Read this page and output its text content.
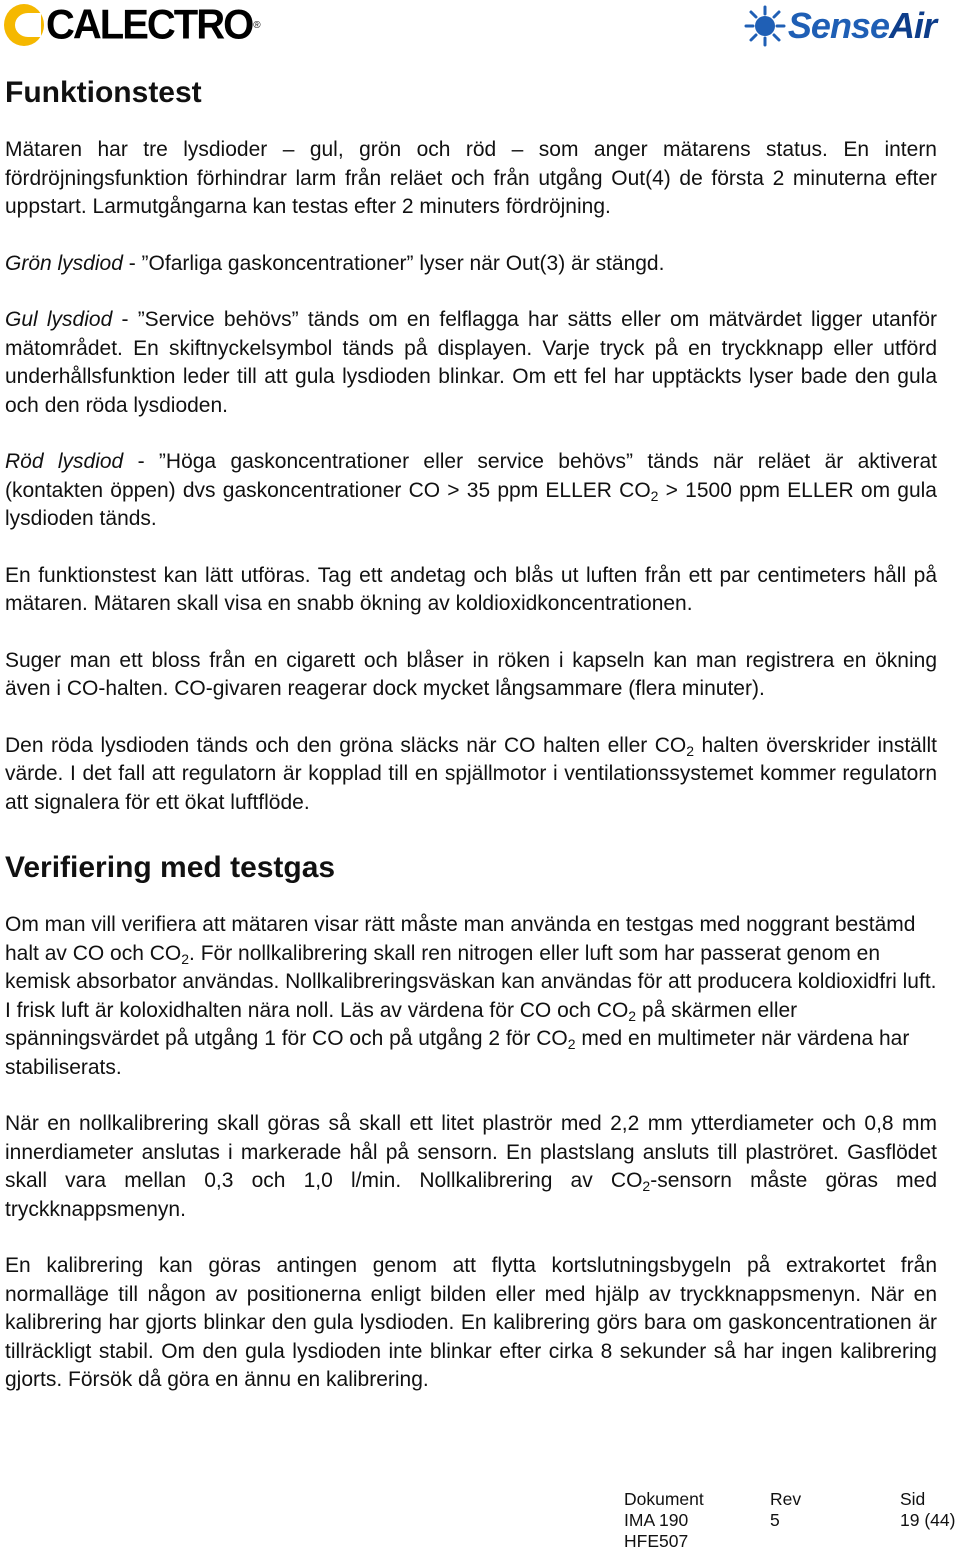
CALECTRO ®	SenseAir
Funktionstest

Mätaren har tre lysdioder – gul, grön och röd – som anger mätarens status. En intern fördröjningsfunktion förhindrar larm från reläet och från utgång Out(4) de första 2 minuterna efter uppstart. Larmutgångarna kan testas efter 2 minuters fördröjning.

Grön lysdiod - ”Ofarliga gaskoncentrationer” lyser när Out(3) är stängd.

Gul lysdiod - ”Service behövs” tänds om en felflagga har sätts eller om mätvärdet ligger utanför mätområdet. En skiftnyckelsymbol tänds på displayen. Varje tryck på en tryckknapp eller utförd underhållsfunktion leder till att gula lysdioden blinkar. Om ett fel har upptäckts lyser bade den gula och den röda lysdioden.

Röd lysdiod - ”Höga gaskoncentrationer eller service behövs” tänds när reläet är aktiverat (kontakten öppen) dvs gaskoncentrationer CO > 35 ppm ELLER $CO_2 > 1500$ ppm ELLER om gula lysdioden tänds.

En funktionstest kan lätt utföras. Tag ett andetag och blås ut luften från ett par centimeters håll på mätaren. Mätaren skall visa en snabb ökning av koldioxidkoncentrationen.

Suger man ett bloss från en cigarett och blåser in röken i kapseln kan man registrera en ökning även i CO-halten. CO-givaren reagerar dock mycket långsammare (flera minuter).

Den röda lysdioden tänds och den gröna släcks när CO halten eller $CO_2$ halten överskrider inställt värde. I det fall att regulatorn är kopplad till en spjällmotor i ventilationssystemet kommer regulatorn att signalera för ett ökat luftflöde.

Verifiering med testgas

Om man vill verifiera att mätaren visar rätt måste man använda en testgas med noggrant bestämd halt av CO och $CO_2$. För nollkalibrering skall ren nitrogen eller luft som har passerat genom en kemisk absorbator användas. Nollkalibreringsväskan kan användas för att producera koldioxidfri luft. I frisk luft är koloxidhalten nära noll. Läs av värdena för CO och $CO_2$ på skärmen eller spänningsvärdet på utgång 1 för CO och på utgång 2 för $CO_2$ med en multimeter när värdena har stabiliserats.

När en nollkalibrering skall göras så skall ett litet plaströr med 2,2 mm ytterdiameter och 0,8 mm innerdiameter anslutas i markerade hål på sensorn. En plastslang ansluts till plaströret. Gasflödet skall vara mellan 0,3 och 1,0 l/min. Nollkalibrering av $CO_2$-sensorn måste göras med tryckknappsmenyn.

En kalibrering kan göras antingen genom att flytta kortslutningsbygeln på extrakortet från normalläge till någon av positionerna enligt bilden eller med hjälp av tryckknappsmenyn. När en kalibrering har gjorts blinkar den gula lysdioden. En kalibrering görs bara om gaskoncentrationen är tillräckligt stabil. Om den gula lysdioden inte blinkar efter cirka 8 sekunder så har ingen kalibrering gjorts. Försök då göra en ännu en kalibrering.

Dokument	Rev	Sid
IMA 190	5	19 (44)
HFE507
